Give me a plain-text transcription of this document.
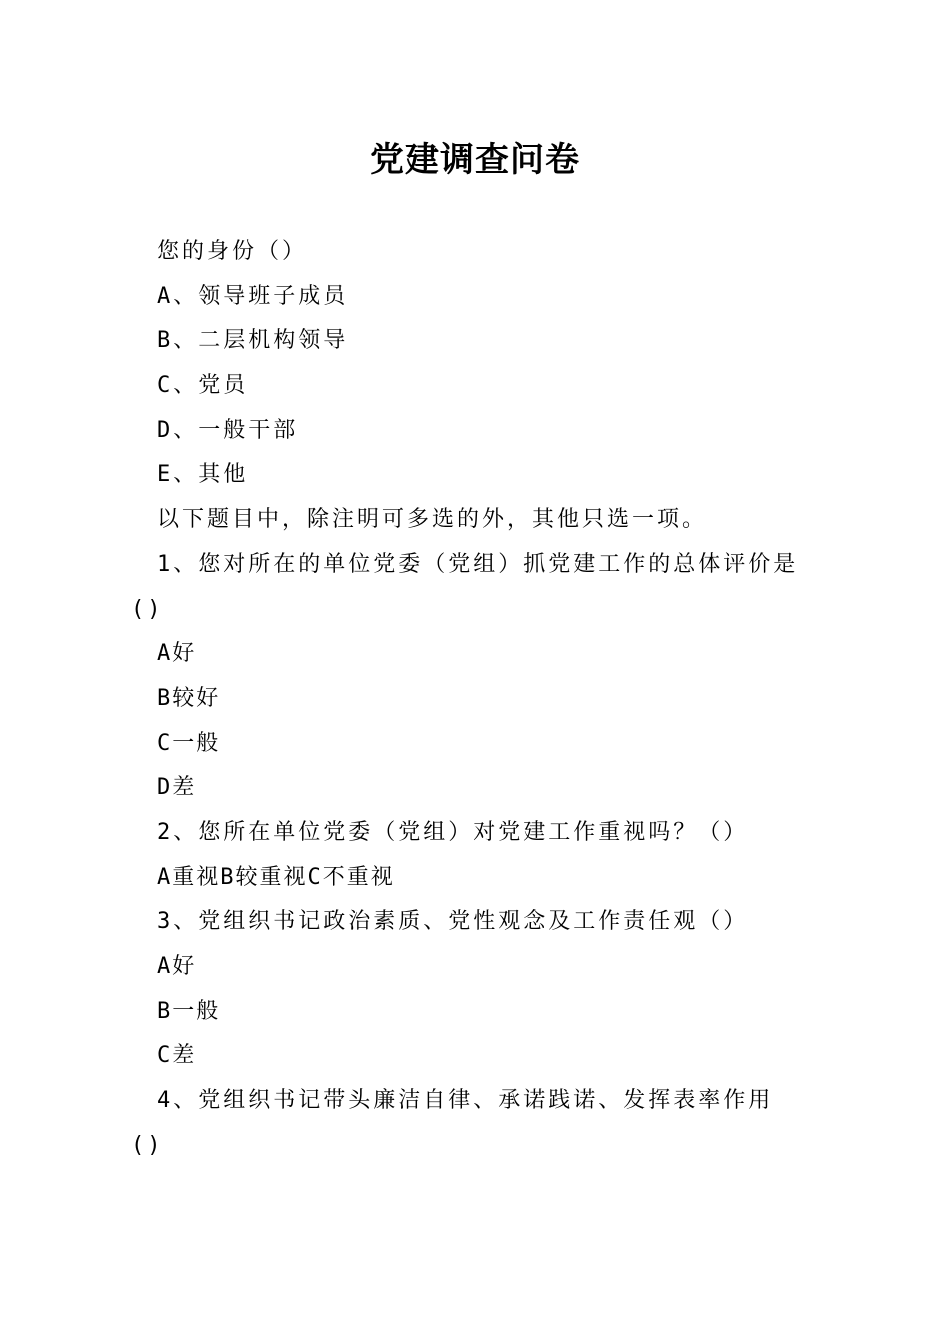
党建调查问卷
您的身份（）
A、领导班子成员
B、二层机构领导
C、党员
D、一般干部
E、其他
以下题目中，除注明可多选的外，其他只选一项。
1、您对所在的单位党委（党组）抓党建工作的总体评价是
()
A好
B较好
C一般
D差
2、您所在单位党委（党组）对党建工作重视吗？（）
A重视B较重视C不重视
3、党组织书记政治素质、党性观念及工作责任观（）
A好
B一般
C差
4、党组织书记带头廉洁自律、承诺践诺、发挥表率作用
()
